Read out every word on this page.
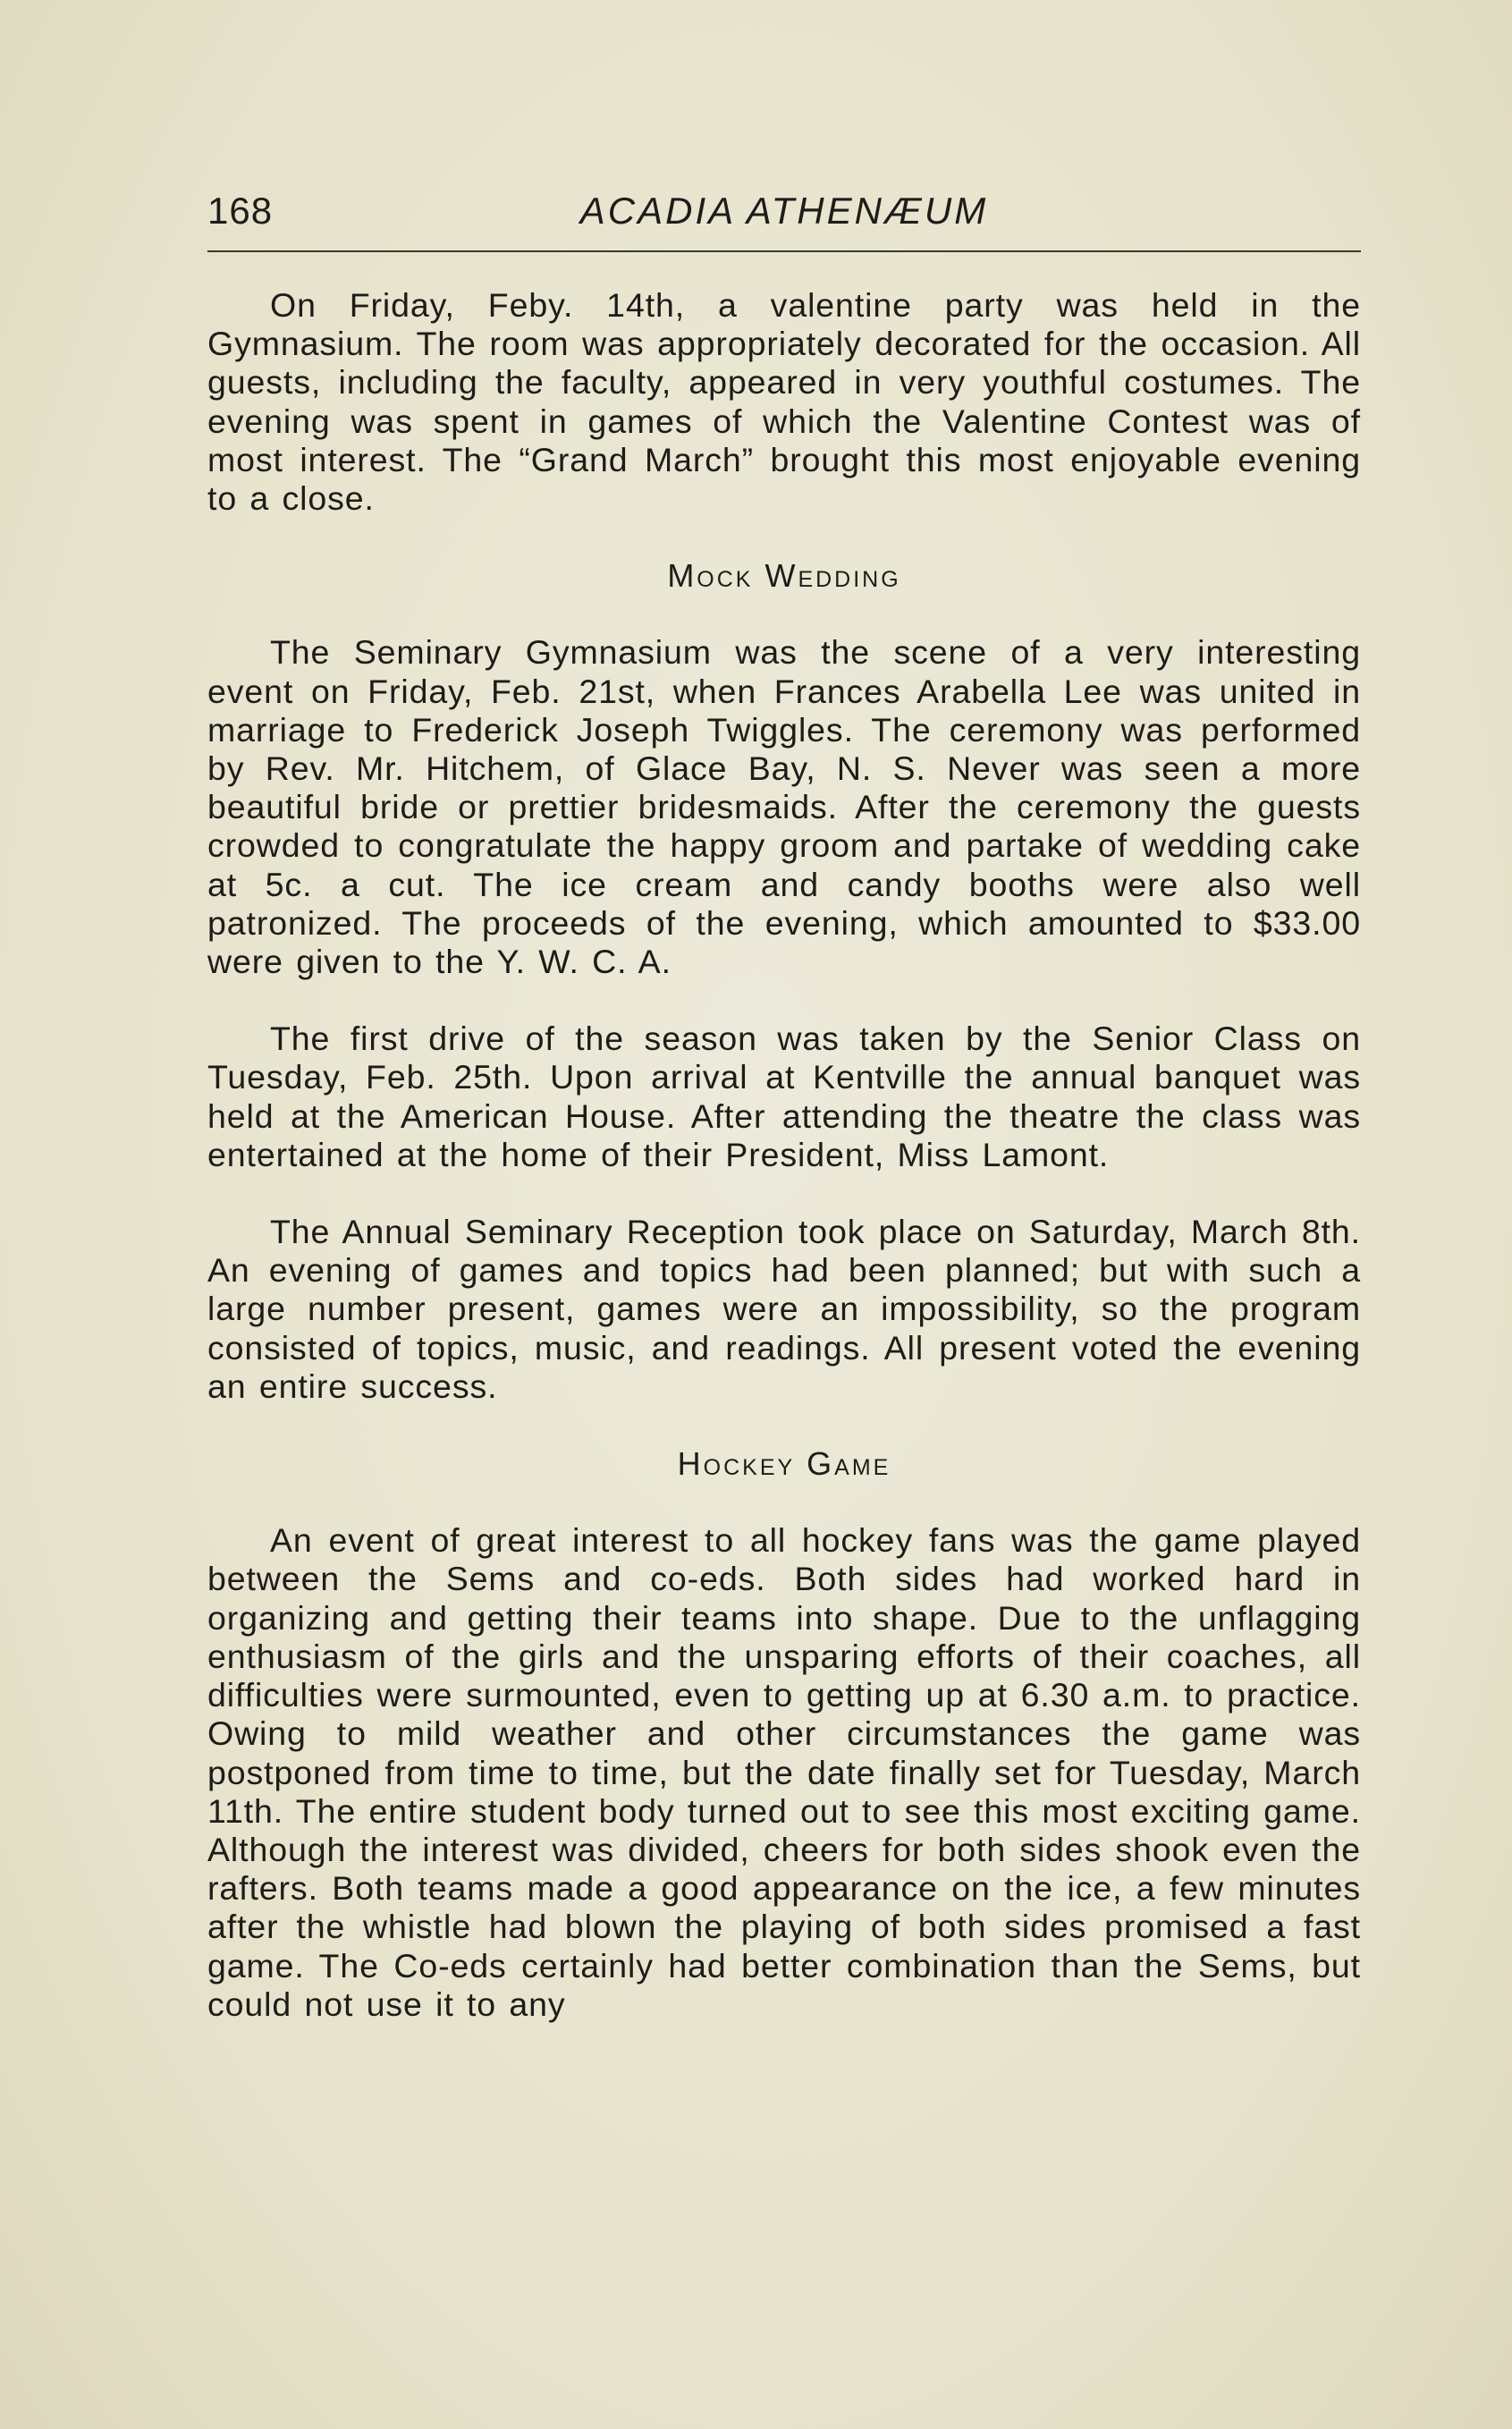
168	ACADIA ATHENÆUM

On Friday, Feby. 14th, a valentine party was held in the Gymnasium. The room was appropriately decorated for the occasion. All guests, including the faculty, appeared in very youthful costumes. The evening was spent in games of which the Valentine Contest was of most interest. The “Grand March” brought this most enjoyable evening to a close.

Mock Wedding

The Seminary Gymnasium was the scene of a very interesting event on Friday, Feb. 21st, when Frances Arabella Lee was united in marriage to Frederick Joseph Twiggles. The ceremony was performed by Rev. Mr. Hitchem, of Glace Bay, N. S. Never was seen a more beautiful bride or prettier bridesmaids. After the ceremony the guests crowded to congratulate the happy groom and partake of wedding cake at 5c. a cut. The ice cream and candy booths were also well patronized. The proceeds of the evening, which amounted to $33.00 were given to the Y. W. C. A.

The first drive of the season was taken by the Senior Class on Tuesday, Feb. 25th. Upon arrival at Kentville the annual banquet was held at the American House. After attending the theatre the class was entertained at the home of their President, Miss Lamont.

The Annual Seminary Reception took place on Saturday, March 8th. An evening of games and topics had been planned; but with such a large number present, games were an impossibility, so the program consisted of topics, music, and readings. All present voted the evening an entire success.

Hockey Game

An event of great interest to all hockey fans was the game played between the Sems and co-eds. Both sides had worked hard in organizing and getting their teams into shape. Due to the unflagging enthusiasm of the girls and the unsparing efforts of their coaches, all difficulties were surmounted, even to getting up at 6.30 a.m. to practice. Owing to mild weather and other circumstances the game was postponed from time to time, but the date finally set for Tuesday, March 11th. The entire student body turned out to see this most exciting game. Although the interest was divided, cheers for both sides shook even the rafters. Both teams made a good appearance on the ice, a few minutes after the whistle had blown the playing of both sides promised a fast game. The Co-eds certainly had better combination than the Sems, but could not use it to any
